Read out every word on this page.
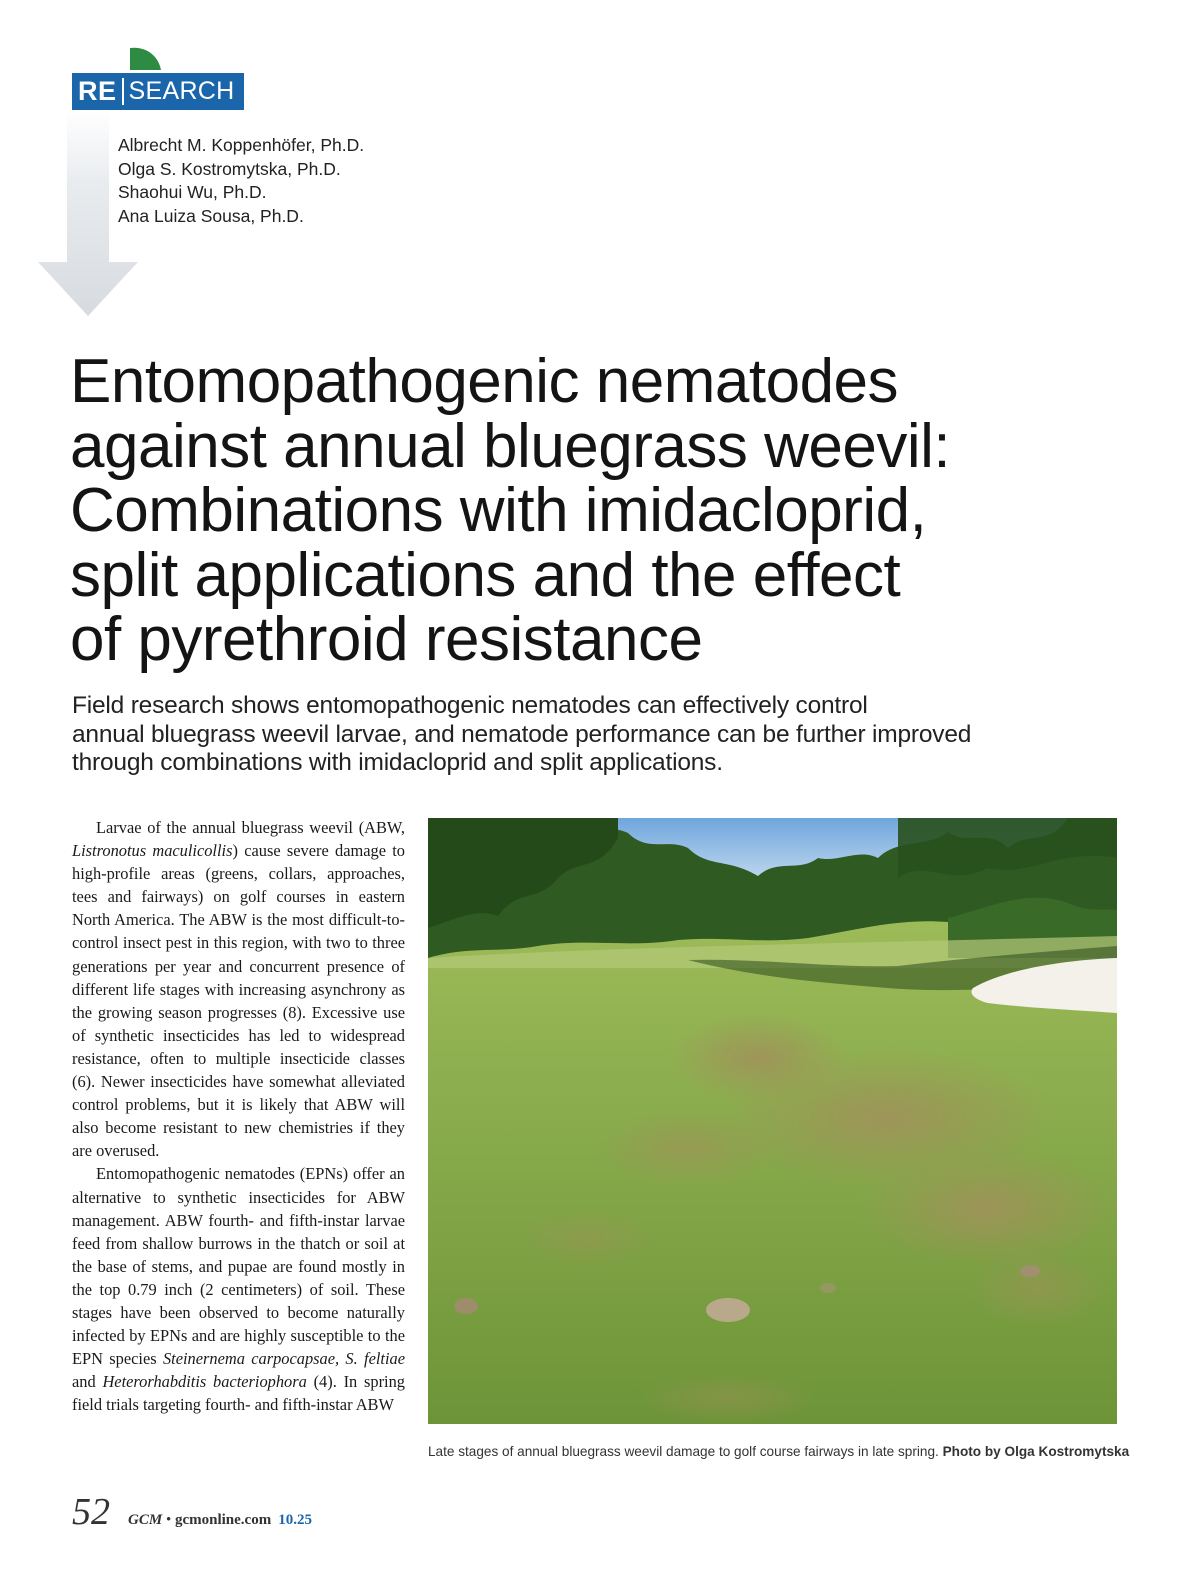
RE SEARCH
Albrecht M. Koppenhöfer, Ph.D.
Olga S. Kostromytska, Ph.D.
Shaohui Wu, Ph.D.
Ana Luiza Sousa, Ph.D.
Entomopathogenic nematodes
against annual bluegrass weevil:
Combinations with imidacloprid,
split applications and the effect
of pyrethroid resistance

Field research shows entomopathogenic nematodes can effectively control
annual bluegrass weevil larvae, and nematode performance can be further improved
through combinations with imidacloprid and split applications.

Larvae of the annual bluegrass weevil (ABW, Listronotus maculicollis) cause severe damage to high-profile areas (greens, collars, approaches, tees and fairways) on golf courses in eastern North America. The ABW is the most difficult-to-control insect pest in this region, with two to three generations per year and concurrent presence of different life stages with increasing asynchrony as the growing season progresses (8). Excessive use of synthetic insecticides has led to widespread resistance, often to multiple insecticide classes (6). Newer insecticides have somewhat alleviated control problems, but it is likely that ABW will also become resistant to new chemistries if they are overused.

Entomopathogenic nematodes (EPNs) offer an alternative to synthetic insecticides for ABW management. ABW fourth- and fifth-instar larvae feed from shallow burrows in the thatch or soil at the base of stems, and pupae are found mostly in the top 0.79 inch (2 centimeters) of soil. These stages have been observed to become naturally infected by EPNs and are highly susceptible to the EPN species Steinernema carpocapsae, S. feltiae and Heterorhabditis bacteriophora (4). In spring field trials targeting fourth- and fifth-instar ABW

Late stages of annual bluegrass weevil damage to golf course fairways in late spring. Photo by Olga Kostromytska
52 GCM • gcmonline.com 10.25
